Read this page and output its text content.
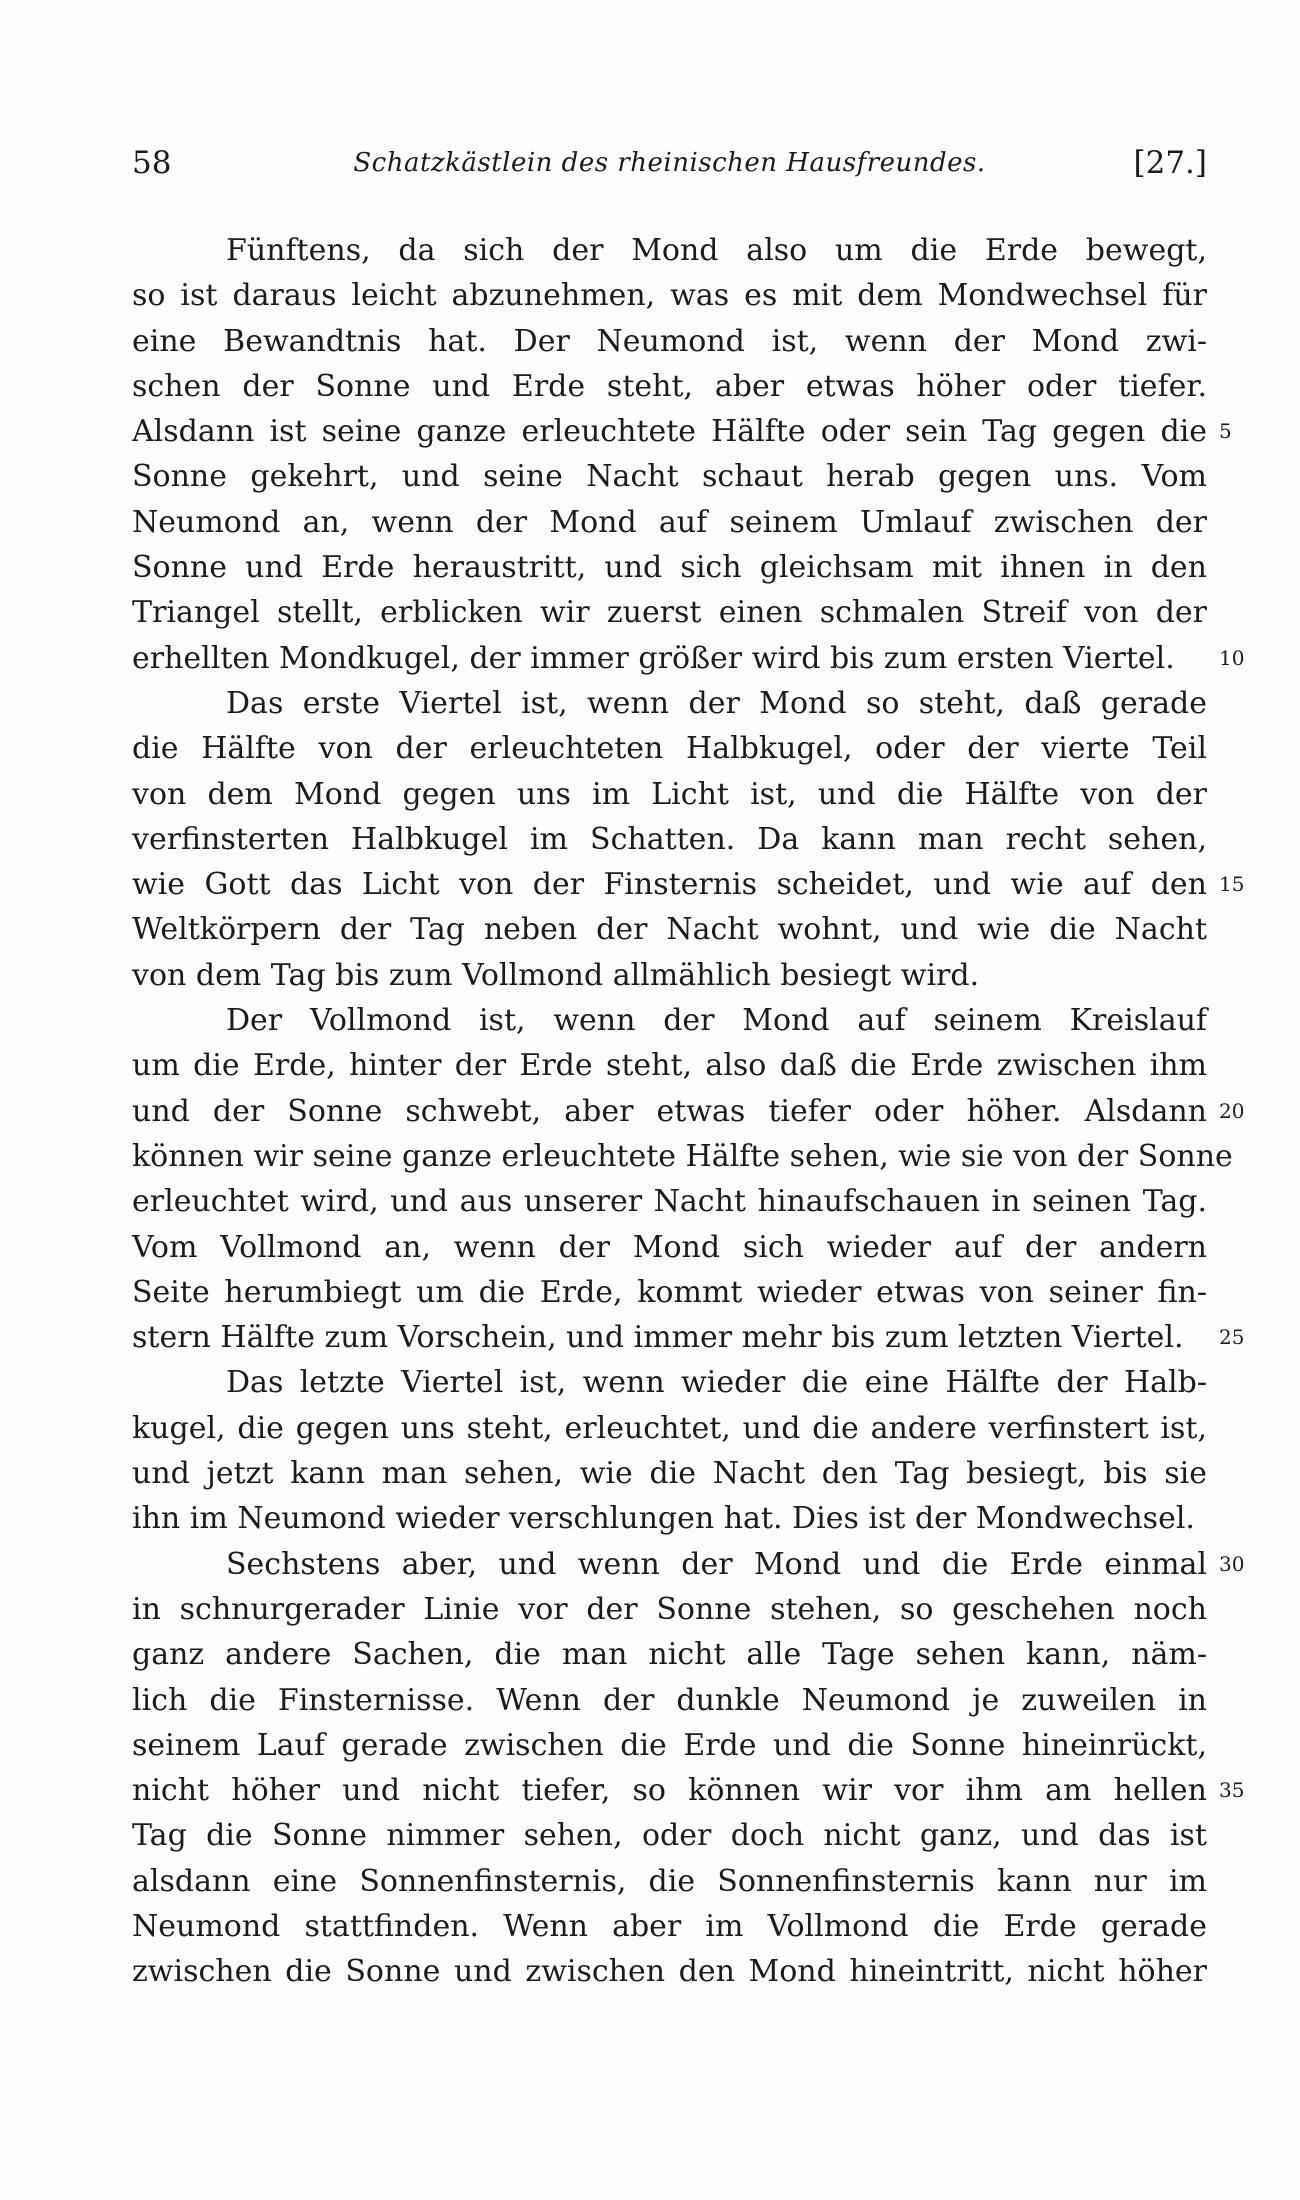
58	Schatzkästlein des rheinischen Hausfreundes.	[27.]
Fünftens, da sich der Mond also um die Erde bewegt,
so ist daraus leicht abzunehmen, was es mit dem Mondwechsel für
eine Bewandtnis hat. Der Neumond ist, wenn der Mond zwi-
schen der Sonne und Erde steht, aber etwas höher oder tiefer.
Alsdann ist seine ganze erleuchtete Hälfte oder sein Tag gegen die 5
Sonne gekehrt, und seine Nacht schaut herab gegen uns. Vom
Neumond an, wenn der Mond auf seinem Umlauf zwischen der
Sonne und Erde heraustritt, und sich gleichsam mit ihnen in den
Triangel stellt, erblicken wir zuerst einen schmalen Streif von der
erhellten Mondkugel, der immer größer wird bis zum ersten Viertel. 10
Das erste Viertel ist, wenn der Mond so steht, daß gerade
die Hälfte von der erleuchteten Halbkugel, oder der vierte Teil
von dem Mond gegen uns im Licht ist, und die Hälfte von der
verfinsterten Halbkugel im Schatten. Da kann man recht sehen,
wie Gott das Licht von der Finsternis scheidet, und wie auf den 15
Weltkörpern der Tag neben der Nacht wohnt, und wie die Nacht
von dem Tag bis zum Vollmond allmählich besiegt wird.
Der Vollmond ist, wenn der Mond auf seinem Kreislauf
um die Erde, hinter der Erde steht, also daß die Erde zwischen ihm
und der Sonne schwebt, aber etwas tiefer oder höher. Alsdann 20
können wir seine ganze erleuchtete Hälfte sehen, wie sie von der Sonne
erleuchtet wird, und aus unserer Nacht hinaufschauen in seinen Tag.
Vom Vollmond an, wenn der Mond sich wieder auf der andern
Seite herumbiegt um die Erde, kommt wieder etwas von seiner fin-
stern Hälfte zum Vorschein, und immer mehr bis zum letzten Viertel. 25
Das letzte Viertel ist, wenn wieder die eine Hälfte der Halb-
kugel, die gegen uns steht, erleuchtet, und die andere verfinstert ist,
und jetzt kann man sehen, wie die Nacht den Tag besiegt, bis sie
ihn im Neumond wieder verschlungen hat. Dies ist der Mondwechsel.
Sechstens aber, und wenn der Mond und die Erde einmal 30
in schnurgerader Linie vor der Sonne stehen, so geschehen noch
ganz andere Sachen, die man nicht alle Tage sehen kann, näm-
lich die Finsternisse. Wenn der dunkle Neumond je zuweilen in
seinem Lauf gerade zwischen die Erde und die Sonne hineinrückt,
nicht höher und nicht tiefer, so können wir vor ihm am hellen 35
Tag die Sonne nimmer sehen, oder doch nicht ganz, und das ist
alsdann eine Sonnenfinsternis, die Sonnenfinsternis kann nur im
Neumond stattfinden. Wenn aber im Vollmond die Erde gerade
zwischen die Sonne und zwischen den Mond hineintritt, nicht höher
